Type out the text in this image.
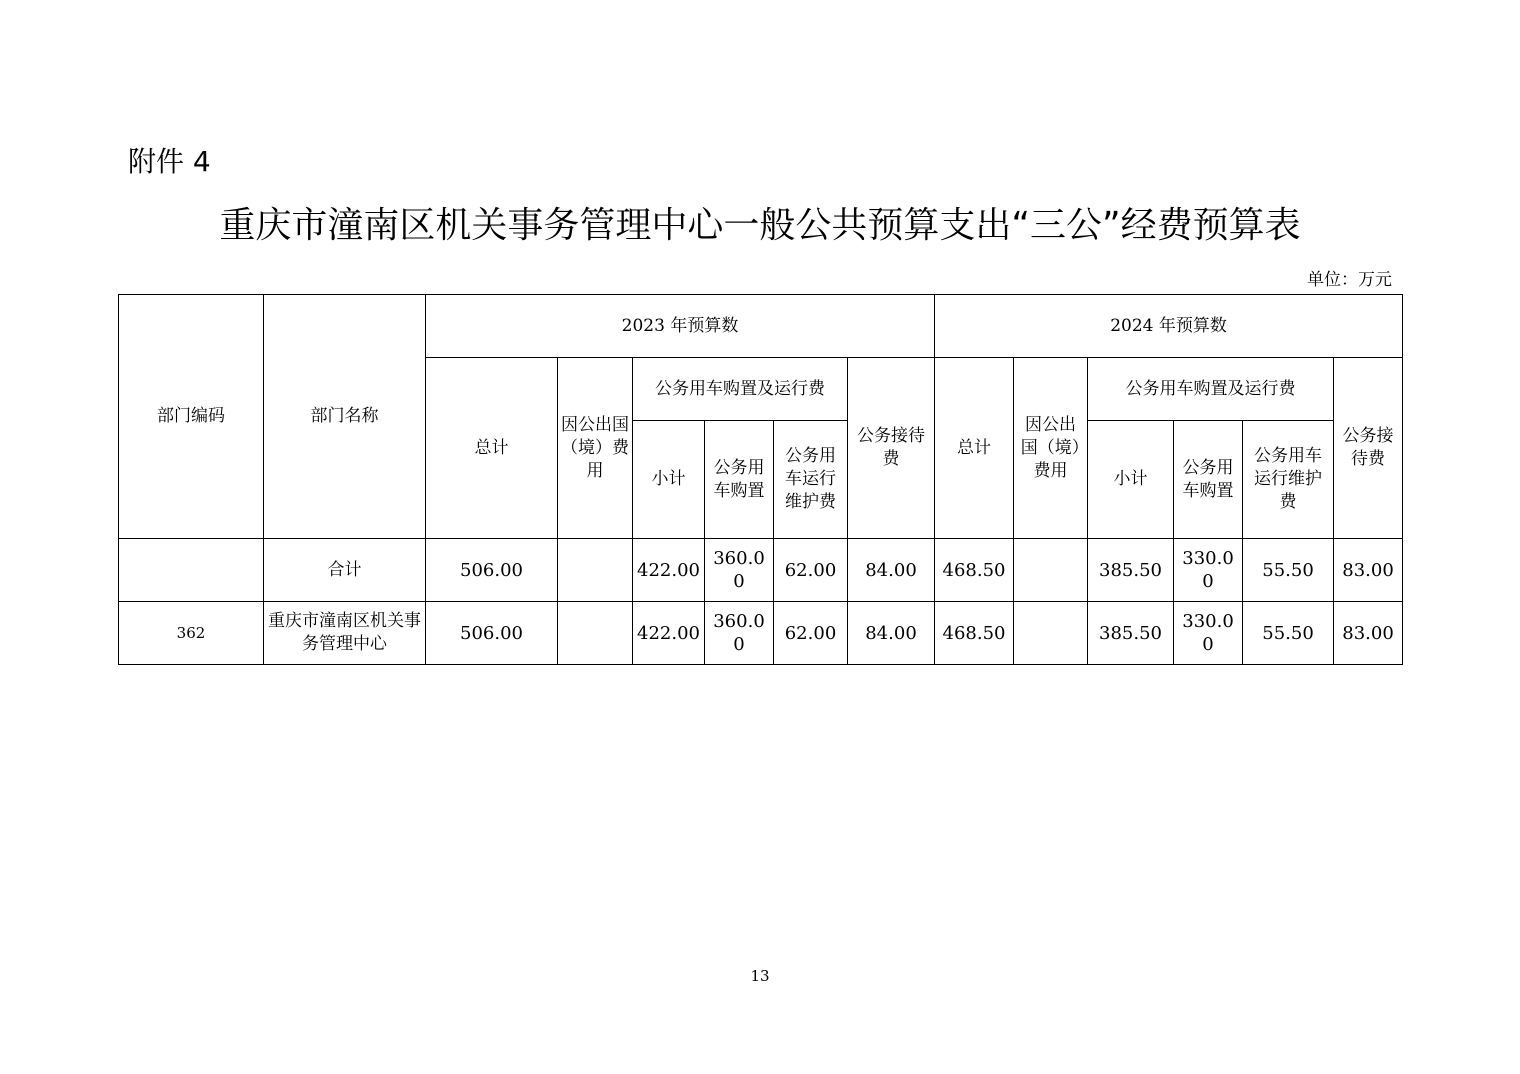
附件 4
重庆市潼南区机关事务管理中心一般公共预算支出“三公”经费预算表
单位：万元
部门编码	部门名称	2023 年预算数						2024 年预算数					
		总计	因公出国（境）费用	公务用车购置及运行费			公务接待费	总计	因公出国（境）费用	公务用车购置及运行费			公务接待费
				小计	公务用车购置	公务用车运行维护费				小计	公务用车购置	公务用车运行维护费	
	合计	506.00		422.00	360.00	62.00	84.00	468.50		385.50	330.00	55.50	83.00
362	重庆市潼南区机关事务管理中心	506.00		422.00	360.00	62.00	84.00	468.50		385.50	330.00	55.50	83.00
13
